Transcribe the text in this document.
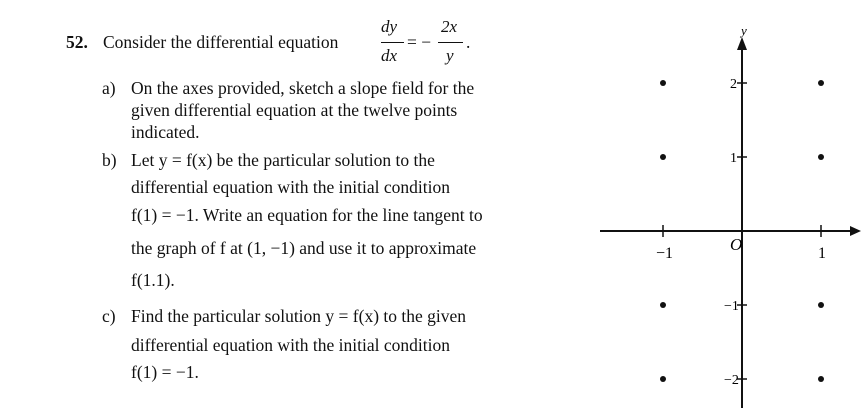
52. Consider the differential equation
dy
dx
= −
2x
y
.
a) On the axes provided, sketch a slope field for the
given differential equation at the twelve points
indicated.
b) Let y = f(x) be the particular solution to the
differential equation with the initial condition
f(1) = −1. Write an equation for the line tangent to
the graph of f at (1, −1) and use it to approximate
f(1.1).
c) Find the particular solution y = f(x) to the given
differential equation with the initial condition
f(1) = −1.
y
O
−1	1
2
1
−1
−2
